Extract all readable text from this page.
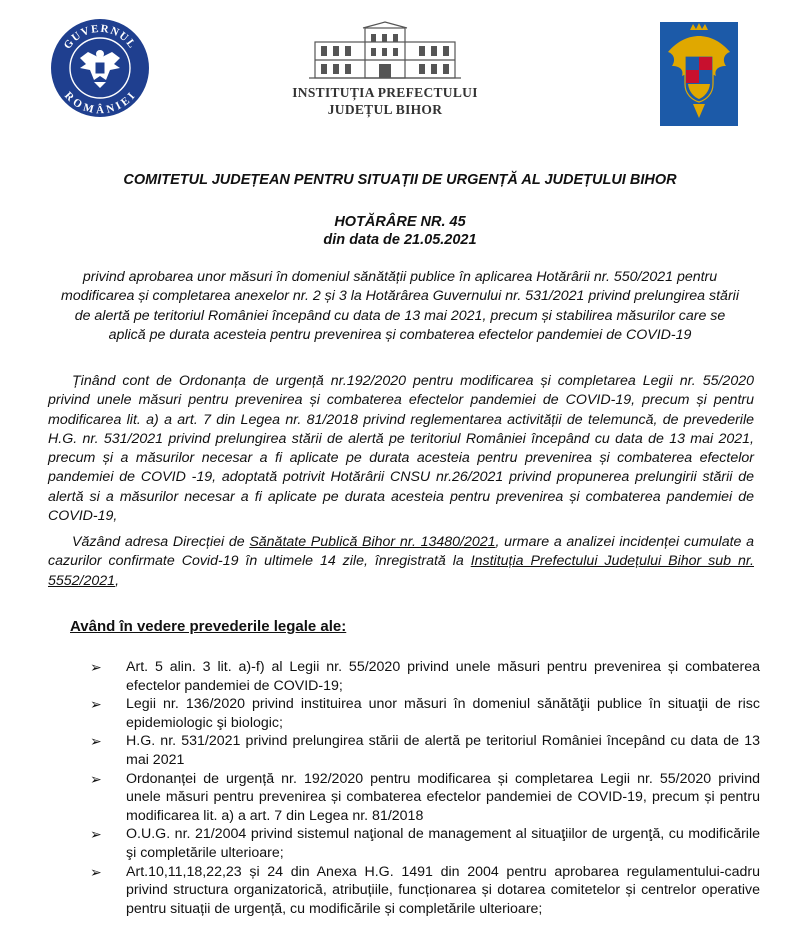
GUVERNUL
ROMÂNIEI	INSTITUȚIA PREFECTULUI
JUDEȚUL BIHOR
COMITETUL JUDEȚEAN PENTRU SITUAȚII DE URGENȚĂ AL JUDEȚULUI BIHOR
HOTĂRÂRE NR. 45
din data de 21.05.2021
privind aprobarea unor măsuri în domeniul sănătății publice în aplicarea Hotărârii nr. 550/2021 pentru modificarea și completarea anexelor nr. 2 și 3 la Hotărârea Guvernului nr. 531/2021 privind prelungirea stării de alertă pe teritoriul României începând cu data de 13 mai 2021, precum și stabilirea măsurilor care se aplică pe durata acesteia pentru prevenirea și combaterea efectelor pandemiei de COVID-19
Ținând cont de Ordonanța de urgență nr.192/2020 pentru modificarea și completarea Legii nr. 55/2020 privind unele măsuri pentru prevenirea și combaterea efectelor pandemiei de COVID-19, precum și pentru modificarea lit. a) a art. 7 din Legea nr. 81/2018 privind reglementarea activității de telemuncă, de prevederile H.G. nr. 531/2021 privind prelungirea stării de alertă pe teritoriul României începând cu data de 13 mai 2021, precum și a măsurilor necesar a fi aplicate pe durata acesteia pentru prevenirea și combaterea efectelor pandemiei de COVID -19, adoptată potrivit Hotărârii CNSU nr.26/2021 privind propunerea prelungirii stării de alertă si a măsurilor necesar a fi aplicate pe durata acesteia pentru prevenirea și combaterea pandemiei de COVID-19,
Văzând adresa Direcției de Sănătate Publică Bihor nr. 13480/2021, urmare a analizei incidenței cumulate a cazurilor confirmate Covid-19 în ultimele 14 zile, înregistrată la Instituția Prefectului Județului Bihor sub nr. 5552/2021,
Având în vedere prevederile legale ale:
➢ Art. 5 alin. 3 lit. a)-f) al Legii nr. 55/2020 privind unele măsuri pentru prevenirea și combaterea efectelor pandemiei de COVID-19;
➢ Legii nr. 136/2020 privind instituirea unor măsuri în domeniul sănătăţii publice în situaţii de risc epidemiologic şi biologic;
➢ H.G. nr. 531/2021 privind prelungirea stării de alertă pe teritoriul României începând cu data de 13 mai 2021
➢ Ordonanței de urgență nr. 192/2020 pentru modificarea și completarea Legii nr. 55/2020 privind unele măsuri pentru prevenirea și combaterea efectelor pandemiei de COVID-19, precum și pentru modificarea lit. a) a art. 7 din Legea nr. 81/2018
➢ O.U.G. nr. 21/2004 privind sistemul naţional de management al situaţiilor de urgenţă, cu modificările şi completările ulterioare;
➢ Art.10,11,18,22,23 și 24 din Anexa H.G. 1491 din 2004 pentru aprobarea regulamentului-cadru privind structura organizatorică, atribuțiile, funcționarea și dotarea comitetelor și centrelor operative pentru situații de urgență, cu modificările și completările ulterioare;
